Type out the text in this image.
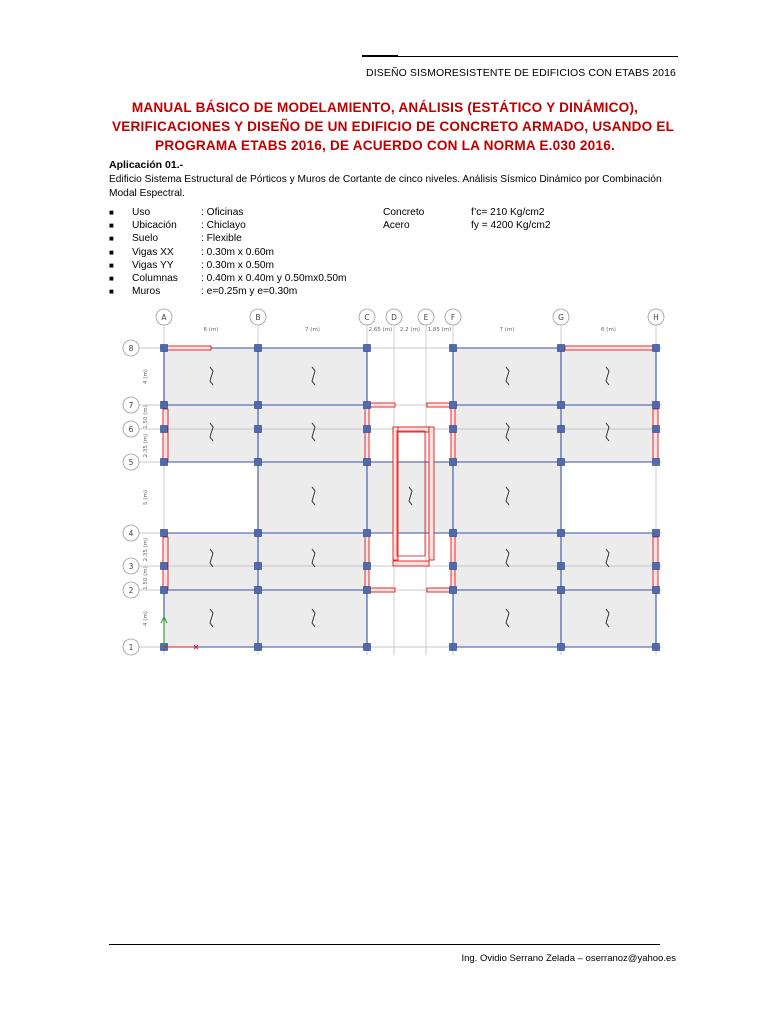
DISEÑO SISMORESISTENTE DE EDIFICIOS CON ETABS 2016
MANUAL BÁSICO DE MODELAMIENTO, ANÁLISIS (ESTÁTICO Y DINÁMICO),
VERIFICACIONES Y DISEÑO DE UN EDIFICIO DE CONCRETO ARMADO, USANDO EL
PROGRAMA ETABS 2016, DE ACUERDO CON LA NORMA E.030 2016.
Aplicación 01.-
Edificio Sistema Estructural de Pórticos y Muros de Cortante de cinco niveles. Análisis Sísmico Dinámico por Combinación Modal Espectral.
■ Uso	: Oficinas	Concreto	f’c= 210 Kg/cm2
■ Ubicación : Chiclayo	Acero	fy = 4200 Kg/cm2
■ Suelo	: Flexible
■ Vigas XX	: 0.30m x 0.60m
■ Vigas YY	: 0.30m x 0.50m
■ Columnas : 0.40m x 0.40m y 0.50mx0.50m
■ Muros	: e=0.25m y e=0.30m
A	B	C	D	E	F	G	H
8
7
6
5
4
3
2
1
6 (m)	7 (m)	2.65 (m) 2.2 (m) 1.85 (m)	7 (m)	6 (m)
4 (m)
1.50 (m)
2.35 (m)
5 (m)
2.35 (m)
1.50 (m)
4 (m)
Ing. Ovidio Serrano Zelada – oserranoz@yahoo.es
